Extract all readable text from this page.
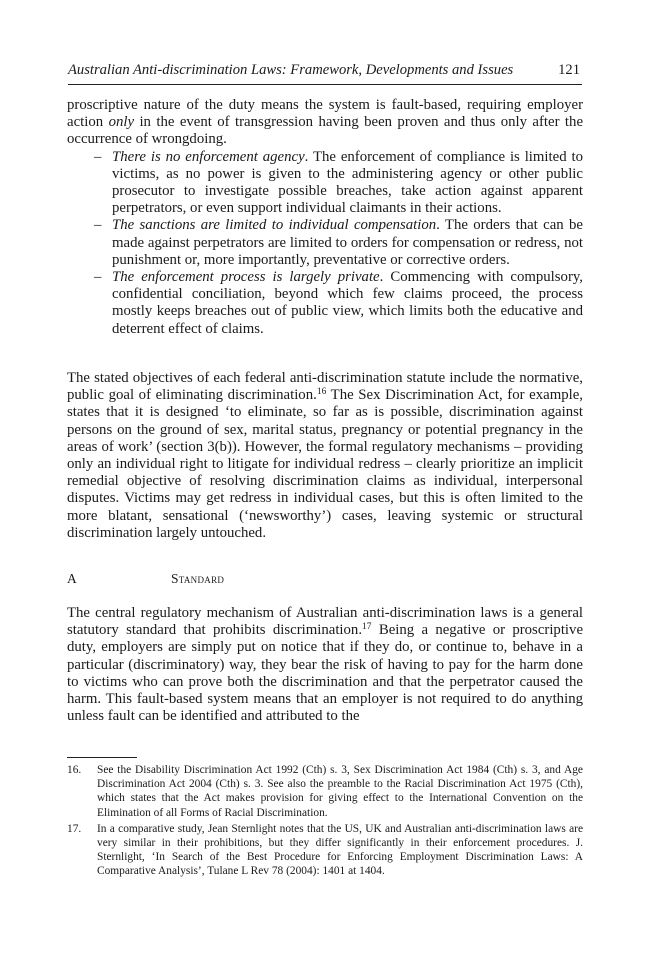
Australian Anti-discrimination Laws: Framework, Developments and Issues	121

proscriptive nature of the duty means the system is fault-based, requiring employer action only in the event of transgression having been proven and thus only after the occurrence of wrongdoing.

– There is no enforcement agency. The enforcement of compliance is limited to victims, as no power is given to the administering agency or other public prosecutor to investigate possible breaches, take action against apparent perpetrators, or even support individual claimants in their actions.
– The sanctions are limited to individual compensation. The orders that can be made against perpetrators are limited to orders for compensation or redress, not punishment or, more importantly, preventative or corrective orders.
– The enforcement process is largely private. Commencing with compulsory, confidential conciliation, beyond which few claims proceed, the process mostly keeps breaches out of public view, which limits both the educative and deterrent effect of claims.

The stated objectives of each federal anti-discrimination statute include the normative, public goal of eliminating discrimination.$^{16}$ The Sex Discrimination Act, for example, states that it is designed ‘to eliminate, so far as is possible, discrimination against persons on the ground of sex, marital status, pregnancy or potential pregnancy in the areas of work’ (section 3(b)). However, the formal regulatory mechanisms – providing only an individual right to litigate for individual redress – clearly prioritize an implicit remedial objective of resolving discrimination claims as individual, interpersonal disputes. Victims may get redress in individual cases, but this is often limited to the more blatant, sensational (‘newsworthy’) cases, leaving systemic or structural discrimination largely untouched.

A	Standard

The central regulatory mechanism of Australian anti-discrimination laws is a general statutory standard that prohibits discrimination.$^{17}$ Being a negative or proscriptive duty, employers are simply put on notice that if they do, or continue to, behave in a particular (discriminatory) way, they bear the risk of having to pay for the harm done to victims who can prove both the discrimination and that the perpetrator caused the harm. This fault-based system means that an employer is not required to do anything unless fault can be identified and attributed to the

16. See the Disability Discrimination Act 1992 (Cth) s. 3, Sex Discrimination Act 1984 (Cth) s. 3, and Age Discrimination Act 2004 (Cth) s. 3. See also the preamble to the Racial Discrimination Act 1975 (Cth), which states that the Act makes provision for giving effect to the International Convention on the Elimination of all Forms of Racial Discrimination.
17. In a comparative study, Jean Sternlight notes that the US, UK and Australian anti-discrimination laws are very similar in their prohibitions, but they differ significantly in their enforcement procedures. J. Sternlight, ‘In Search of the Best Procedure for Enforcing Employment Discrimination Laws: A Comparative Analysis’, Tulane L Rev 78 (2004): 1401 at 1404.
